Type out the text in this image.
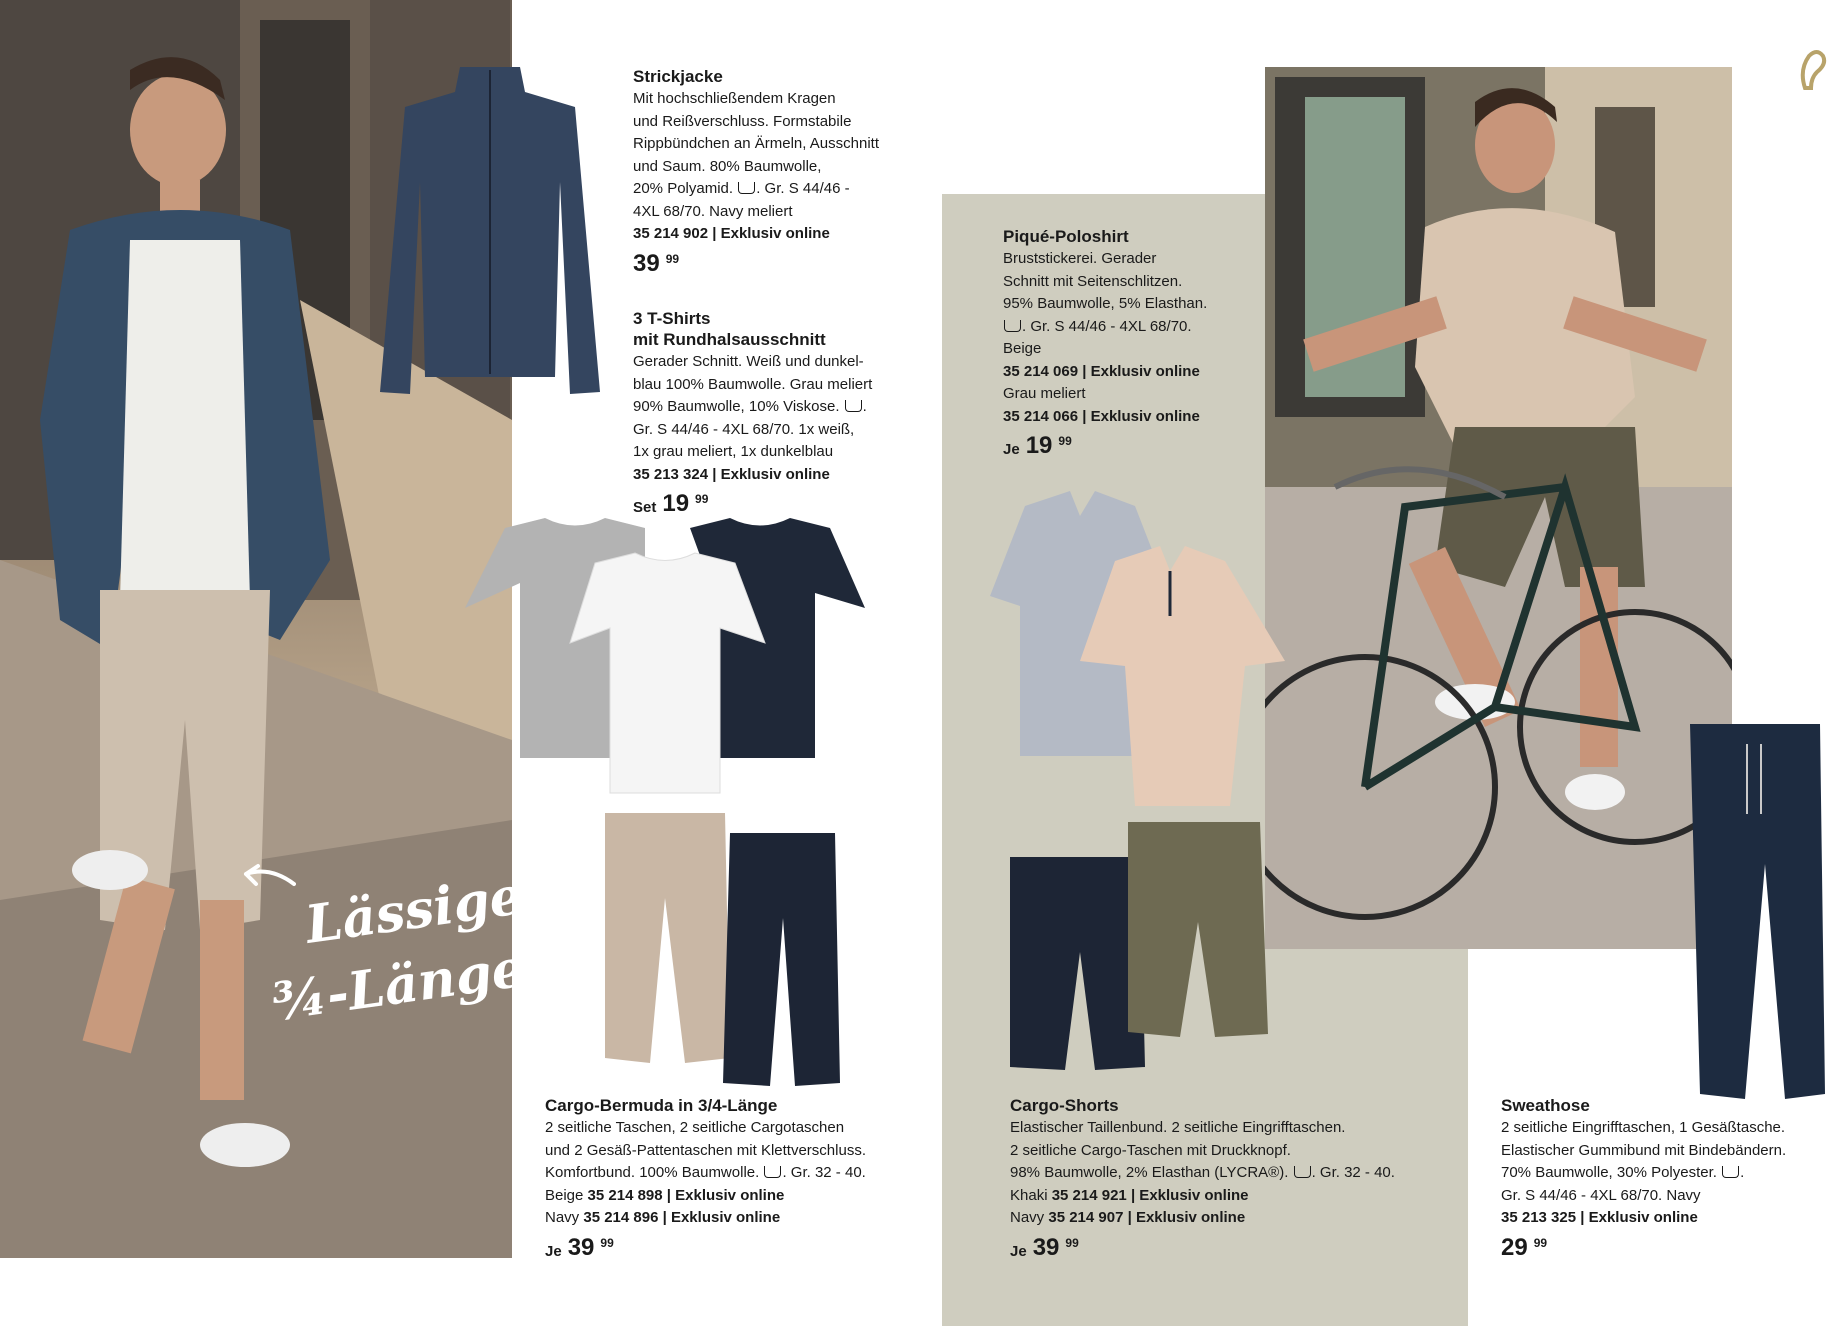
Lässige
¾-Länge
Strickjacke
Mit hochschließendem Kragen
und Reißverschluss. Formstabile
Rippbündchen an Ärmeln, Ausschnitt
und Saum. 80% Baumwolle,
20% Polyamid. . Gr. S 44/46 -
4XL 68/70. Navy meliert
35 214 902 | Exklusiv online
39 99
3 T-Shirts
mit Rundhalsausschnitt
Gerader Schnitt. Weiß und dunkel-
blau 100% Baumwolle. Grau meliert
90% Baumwolle, 10% Viskose. .
Gr. S 44/46 - 4XL 68/70. 1x weiß,
1x grau meliert, 1x dunkelblau
35 213 324 | Exklusiv online
Set 19 99
Piqué-Poloshirt
Bruststickerei. Gerader
Schnitt mit Seitenschlitzen.
95% Baumwolle, 5% Elasthan.
. Gr. S 44/46 - 4XL 68/70.
Beige
35 214 069 | Exklusiv online
Grau meliert
35 214 066 | Exklusiv online
Je 19 99
Cargo-Bermuda in 3/4-Länge
2 seitliche Taschen, 2 seitliche Cargotaschen
und 2 Gesäß-Pattentaschen mit Klettverschluss.
Komfortbund. 100% Baumwolle. . Gr. 32 - 40.
Beige 35 214 898 | Exklusiv online
Navy 35 214 896 | Exklusiv online
Je 39 99
Cargo-Shorts
Elastischer Taillenbund. 2 seitliche Eingrifftaschen.
2 seitliche Cargo-Taschen mit Druckknopf.
98% Baumwolle, 2% Elasthan (LYCRA®). . Gr. 32 - 40.
Khaki 35 214 921 | Exklusiv online
Navy 35 214 907 | Exklusiv online
Je 39 99
Sweathose
2 seitliche Eingrifftaschen, 1 Gesäßtasche.
Elastischer Gummibund mit Bindebändern.
70% Baumwolle, 30% Polyester. .
Gr. S 44/46 - 4XL 68/70. Navy
35 213 325 | Exklusiv online
29 99
